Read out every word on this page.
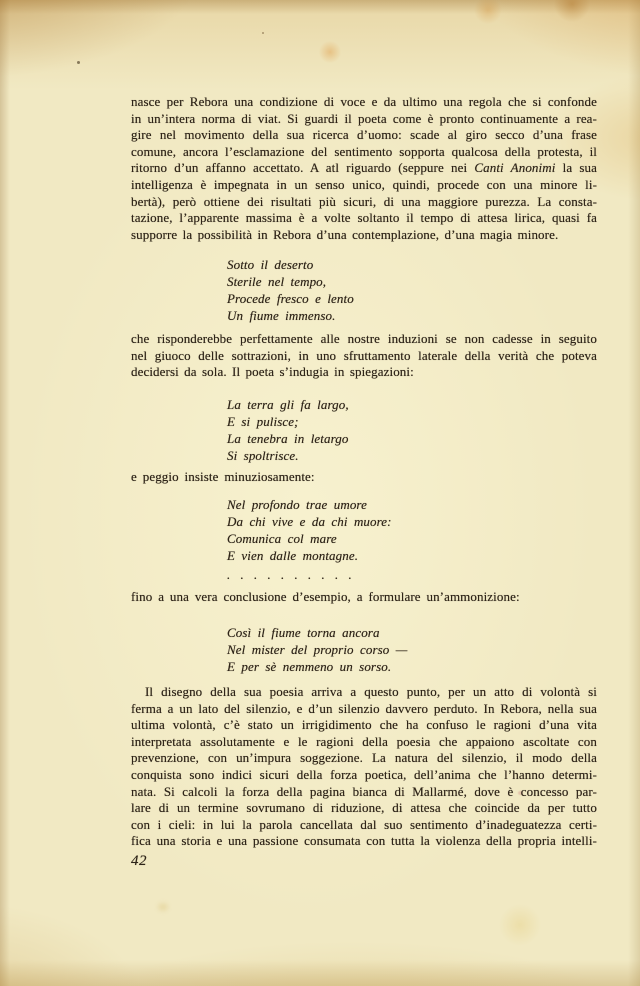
nasce per Rebora una condizione di voce e da ultimo una regola che si confonde
in un’intera norma di viat. Si guardi il poeta come è pronto continuamente a rea-
gire nel movimento della sua ricerca d’uomo: scade al giro secco d’una frase
comune, ancora l’esclamazione del sentimento sopporta qualcosa della protesta, il
ritorno d’un affanno accettato. A atl riguardo (seppure nei Canti Anonimi la sua
intelligenza è impegnata in un senso unico, quindi, procede con una minore li-
bertà), però ottiene dei risultati più sicuri, di una maggiore purezza. La consta-
tazione, l’apparente massima è a volte soltanto il tempo di attesa lirica, quasi fa
supporre la possibilità in Rebora d’una contemplazione, d’una magia minore.
Sotto il deserto
Sterile nel tempo,
Procede fresco e lento
Un fiume immenso.
che risponderebbe perfettamente alle nostre induzioni se non cadesse in seguito
nel giuoco delle sottrazioni, in uno sfruttamento laterale della verità che poteva
decidersi da sola. Il poeta s’indugia in spiegazioni:
La terra gli fa largo,
E si pulisce;
La tenebra in letargo
Si spoltrisce.
e peggio insiste minuziosamente:
Nel profondo trae umore
Da chi vive e da chi muore:
Comunica col mare
E vien dalle montagne.
. . . . . . . . . .
fino a una vera conclusione d’esempio, a formulare un’ammonizione:
Così il fiume torna ancora
Nel mister del proprio corso —
E per sè nemmeno un sorso.
Il disegno della sua poesia arriva a questo punto, per un atto di volontà si
ferma a un lato del silenzio, e d’un silenzio davvero perduto. In Rebora, nella sua
ultima volontà, c’è stato un irrigidimento che ha confuso le ragioni d’una vita
interpretata assolutamente e le ragioni della poesia che appaiono ascoltate con
prevenzione, con un’impura soggezione. La natura del silenzio, il modo della
conquista sono indici sicuri della forza poetica, dell’anima che l’hanno determi-
nata. Si calcoli la forza della pagina bianca di Mallarmé, dove è concesso par-
lare di un termine sovrumano di riduzione, di attesa che coincide da per tutto
con i cieli: in lui la parola cancellata dal suo sentimento d’inadeguatezza certi-
fica una storia e una passione consumata con tutta la violenza della propria intelli-
42
